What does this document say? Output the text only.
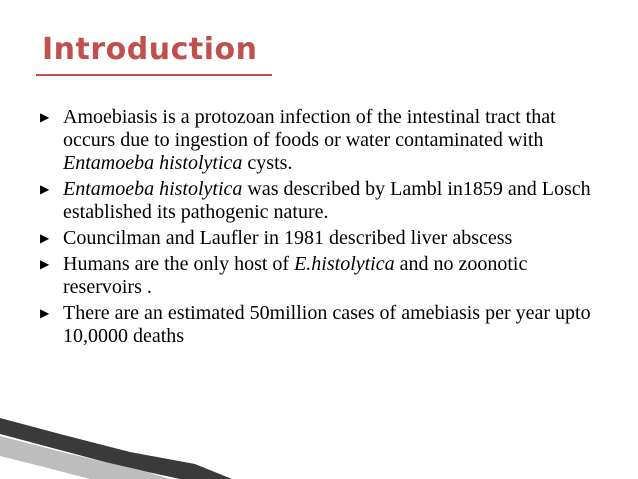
Introduction
▶ Amoebiasis is a protozoan infection of the intestinal tract that occurs due to ingestion of foods or water contaminated with Entamoeba histolytica cysts.
▶ Entamoeba histolytica was described by Lambl in1859 and Losch established its pathogenic nature.
▶ Councilman and Laufler in 1981 described liver abscess
▶ Humans are the only host of E.histolytica and no zoonotic reservoirs .
▶ There are an estimated 50million cases of amebiasis per year upto 10,0000 deaths
